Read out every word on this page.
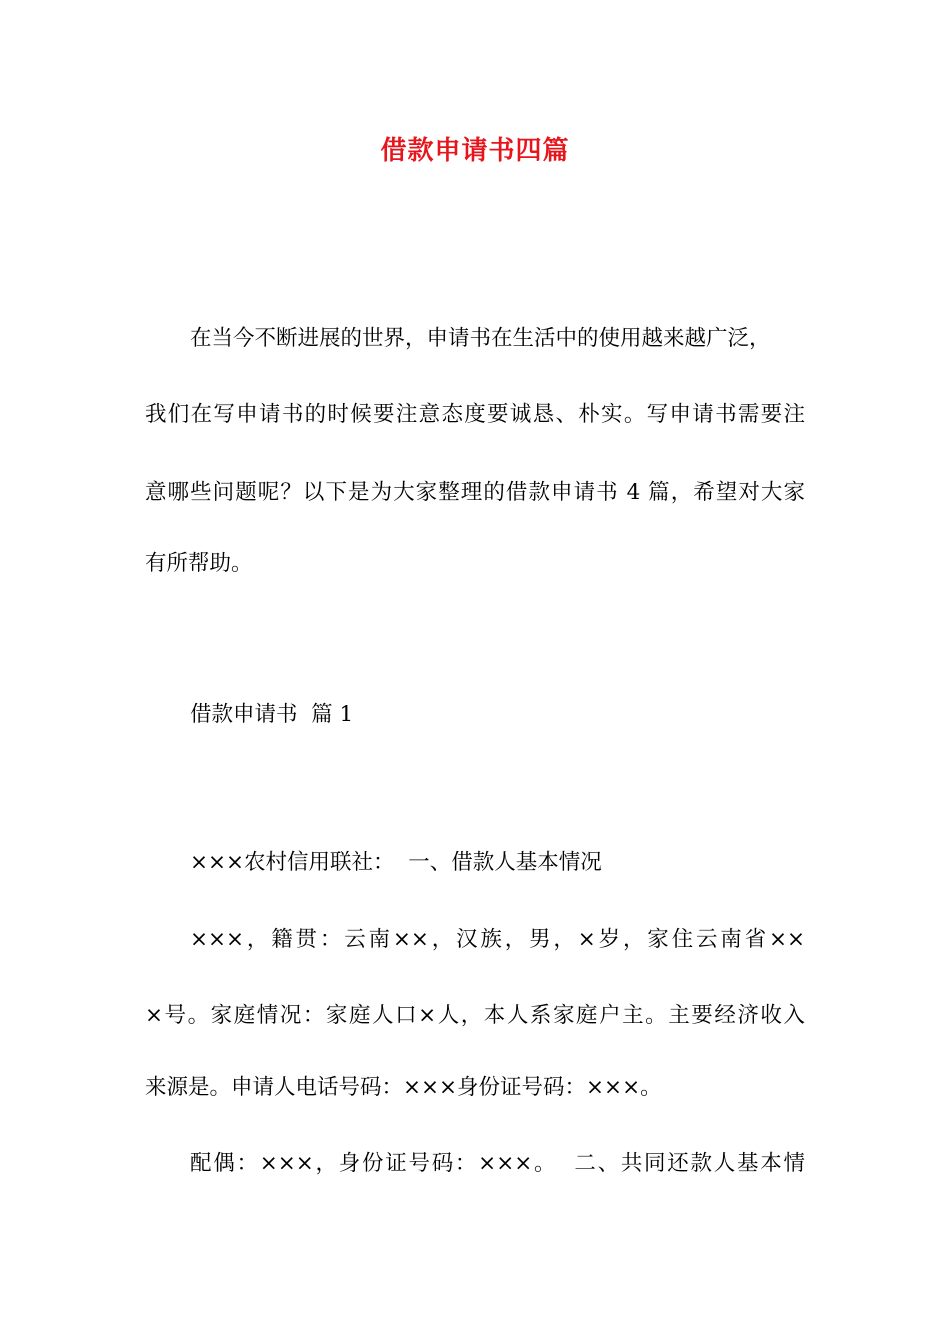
借款申请书四篇
在当今不断进展的世界，申请书在生活中的使用越来越广泛，
我们在写申请书的时候要注意态度要诚恳、朴实。写申请书需要注
意哪些问题呢？以下是为大家整理的借款申请书 4 篇，希望对大家
有所帮助。
借款申请书  篇 1
×××农村信用联社：  一、借款人基本情况
×××，籍贯：云南××，汉族，男，×岁，家住云南省××
×号。家庭情况：家庭人口×人，本人系家庭户主。主要经济收入
来源是。申请人电话号码：×××身份证号码：×××。
配偶：×××，身份证号码：×××。  二、共同还款人基本情
